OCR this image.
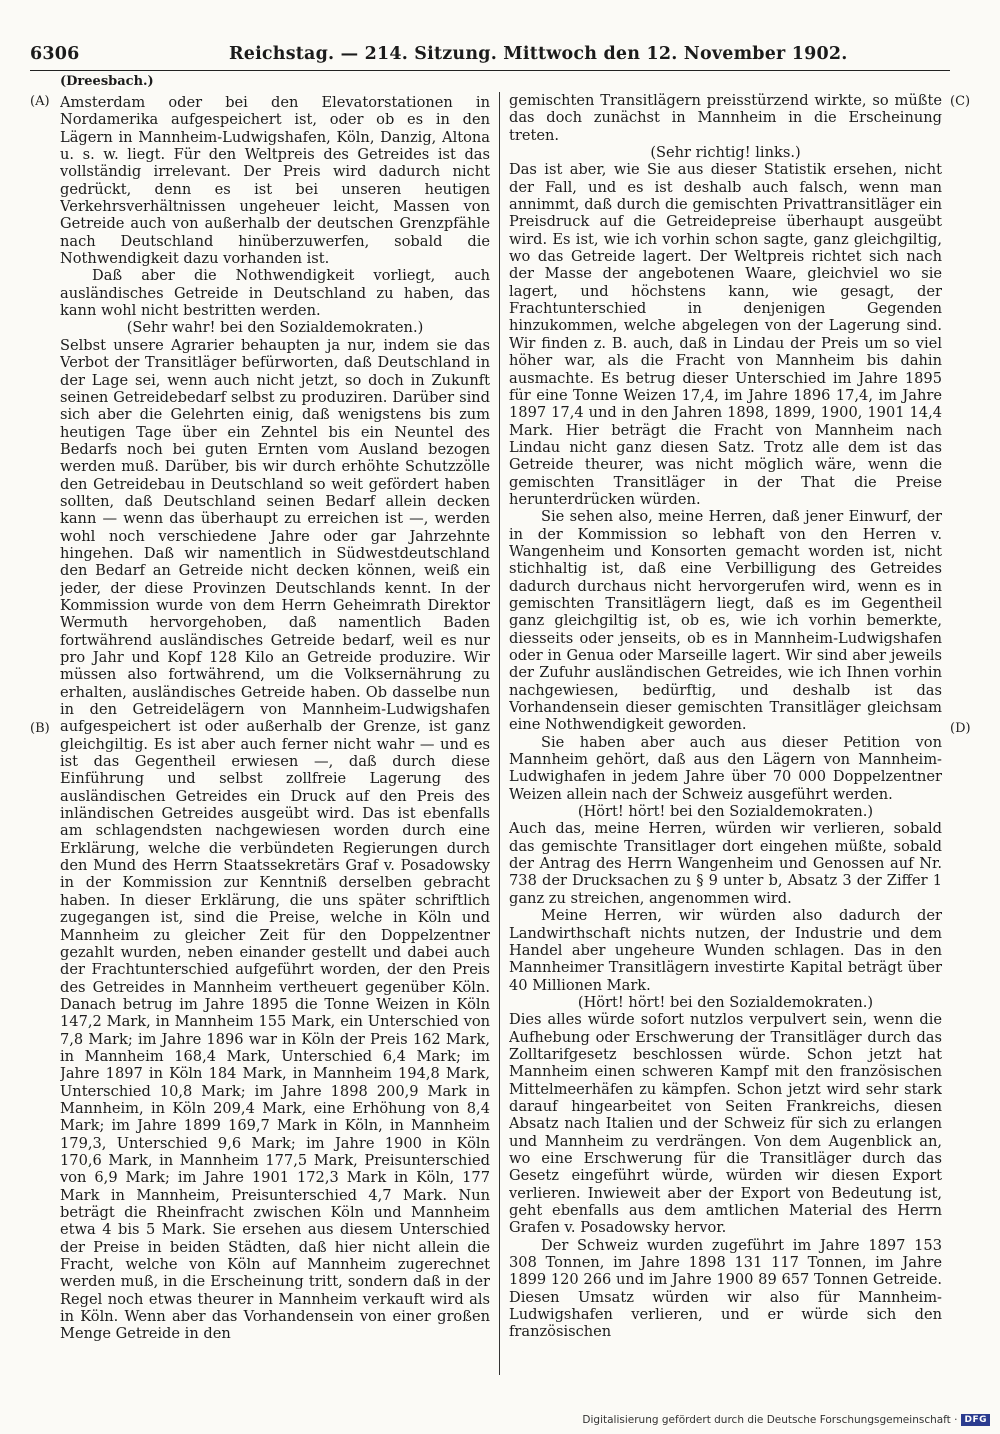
6306	Reichstag. — 214. Sitzung. Mittwoch den 12. November 1902.
(Dreesbach.)
(A)
(B)
(C)
(D)

Amsterdam oder bei den Elevatorstationen in Nordamerika aufgespeichert ist, oder ob es in den Lägern in Mannheim-Ludwigshafen, Köln, Danzig, Altona u. s. w. liegt. Für den Weltpreis des Getreides ist das vollständig irrelevant. Der Preis wird dadurch nicht gedrückt, denn es ist bei unseren heutigen Verkehrsverhältnissen ungeheuer leicht, Massen von Getreide auch von außerhalb der deutschen Grenzpfähle nach Deutschland hinüberzuwerfen, sobald die Nothwendigkeit dazu vorhanden ist.

Daß aber die Nothwendigkeit vorliegt, auch ausländisches Getreide in Deutschland zu haben, das kann wohl nicht bestritten werden.

(Sehr wahr! bei den Sozialdemokraten.)

Selbst unsere Agrarier behaupten ja nur, indem sie das Verbot der Transitläger befürworten, daß Deutschland in der Lage sei, wenn auch nicht jetzt, so doch in Zukunft seinen Getreidebedarf selbst zu produziren. Darüber sind sich aber die Gelehrten einig, daß wenigstens bis zum heutigen Tage über ein Zehntel bis ein Neuntel des Bedarfs noch bei guten Ernten vom Ausland bezogen werden muß. Darüber, bis wir durch erhöhte Schutzzölle den Getreidebau in Deutschland so weit gefördert haben sollten, daß Deutschland seinen Bedarf allein decken kann — wenn das überhaupt zu erreichen ist —, werden wohl noch verschiedene Jahre oder gar Jahrzehnte hingehen. Daß wir namentlich in Südwestdeutschland den Bedarf an Getreide nicht decken können, weiß ein jeder, der diese Provinzen Deutschlands kennt. In der Kommission wurde von dem Herrn Geheimrath Direktor Wermuth hervorgehoben, daß namentlich Baden fortwährend ausländisches Getreide bedarf, weil es nur pro Jahr und Kopf 128 Kilo an Getreide produzire. Wir müssen also fortwährend, um die Volksernährung zu erhalten, ausländisches Getreide haben. Ob dasselbe nun in den Getreidelägern von Mannheim-Ludwigshafen aufgespeichert ist oder außerhalb der Grenze, ist ganz gleichgiltig. Es ist aber auch ferner nicht wahr — und es ist das Gegentheil erwiesen —, daß durch diese Einführung und selbst zollfreie Lagerung des ausländischen Getreides ein Druck auf den Preis des inländischen Getreides ausgeübt wird. Das ist ebenfalls am schlagendsten nachgewiesen worden durch eine Erklärung, welche die verbündeten Regierungen durch den Mund des Herrn Staatssekretärs Graf v. Posadowsky in der Kommission zur Kenntniß derselben gebracht haben. In dieser Erklärung, die uns später schriftlich zugegangen ist, sind die Preise, welche in Köln und Mannheim zu gleicher Zeit für den Doppelzentner gezahlt wurden, neben einander gestellt und dabei auch der Frachtunterschied aufgeführt worden, der den Preis des Getreides in Mannheim vertheuert gegenüber Köln. Danach betrug im Jahre 1895 die Tonne Weizen in Köln 147,2 Mark, in Mannheim 155 Mark, ein Unterschied von 7,8 Mark; im Jahre 1896 war in Köln der Preis 162 Mark, in Mannheim 168,4 Mark, Unterschied 6,4 Mark; im Jahre 1897 in Köln 184 Mark, in Mannheim 194,8 Mark, Unterschied 10,8 Mark; im Jahre 1898 200,9 Mark in Mannheim, in Köln 209,4 Mark, eine Erhöhung von 8,4 Mark; im Jahre 1899 169,7 Mark in Köln, in Mannheim 179,3, Unterschied 9,6 Mark; im Jahre 1900 in Köln 170,6 Mark, in Mannheim 177,5 Mark, Preisunterschied von 6,9 Mark; im Jahre 1901 172,3 Mark in Köln, 177 Mark in Mannheim, Preisunterschied 4,7 Mark. Nun beträgt die Rheinfracht zwischen Köln und Mannheim etwa 4 bis 5 Mark. Sie ersehen aus diesem Unterschied der Preise in beiden Städten, daß hier nicht allein die Fracht, welche von Köln auf Mannheim zugerechnet werden muß, in die Erscheinung tritt, sondern daß in der Regel noch etwas theurer in Mannheim verkauft wird als in Köln. Wenn aber das Vorhandensein von einer großen Menge Getreide in den

gemischten Transitlägern preisstürzend wirkte, so müßte das doch zunächst in Mannheim in die Erscheinung treten.

(Sehr richtig! links.)

Das ist aber, wie Sie aus dieser Statistik ersehen, nicht der Fall, und es ist deshalb auch falsch, wenn man annimmt, daß durch die gemischten Privattransitläger ein Preisdruck auf die Getreidepreise überhaupt ausgeübt wird. Es ist, wie ich vorhin schon sagte, ganz gleichgiltig, wo das Getreide lagert. Der Weltpreis richtet sich nach der Masse der angebotenen Waare, gleichviel wo sie lagert, und höchstens kann, wie gesagt, der Frachtunterschied in denjenigen Gegenden hinzukommen, welche abgelegen von der Lagerung sind. Wir finden z. B. auch, daß in Lindau der Preis um so viel höher war, als die Fracht von Mannheim bis dahin ausmachte. Es betrug dieser Unterschied im Jahre 1895 für eine Tonne Weizen 17,4, im Jahre 1896 17,4, im Jahre 1897 17,4 und in den Jahren 1898, 1899, 1900, 1901 14,4 Mark. Hier beträgt die Fracht von Mannheim nach Lindau nicht ganz diesen Satz. Trotz alle dem ist das Getreide theurer, was nicht möglich wäre, wenn die gemischten Transitläger in der That die Preise herunterdrücken würden.

Sie sehen also, meine Herren, daß jener Einwurf, der in der Kommission so lebhaft von den Herren v. Wangenheim und Konsorten gemacht worden ist, nicht stichhaltig ist, daß eine Verbilligung des Getreides dadurch durchaus nicht hervorgerufen wird, wenn es in gemischten Transitlägern liegt, daß es im Gegentheil ganz gleichgiltig ist, ob es, wie ich vorhin bemerkte, diesseits oder jenseits, ob es in Mannheim-Ludwigshafen oder in Genua oder Marseille lagert. Wir sind aber jeweils der Zufuhr ausländischen Getreides, wie ich Ihnen vorhin nachgewiesen, bedürftig, und deshalb ist das Vorhandensein dieser gemischten Transitläger gleichsam eine Nothwendigkeit geworden.

Sie haben aber auch aus dieser Petition von Mannheim gehört, daß aus den Lägern von Mannheim-Ludwighafen in jedem Jahre über 70 000 Doppelzentner Weizen allein nach der Schweiz ausgeführt werden.

(Hört! hört! bei den Sozialdemokraten.)

Auch das, meine Herren, würden wir verlieren, sobald das gemischte Transitlager dort eingehen müßte, sobald der Antrag des Herrn Wangenheim und Genossen auf Nr. 738 der Drucksachen zu § 9 unter b, Absatz 3 der Ziffer 1 ganz zu streichen, angenommen wird.

Meine Herren, wir würden also dadurch der Landwirthschaft nichts nutzen, der Industrie und dem Handel aber ungeheure Wunden schlagen. Das in den Mannheimer Transitlägern investirte Kapital beträgt über 40 Millionen Mark.

(Hört! hört! bei den Sozialdemokraten.)

Dies alles würde sofort nutzlos verpulvert sein, wenn die Aufhebung oder Erschwerung der Transitläger durch das Zolltarifgesetz beschlossen würde. Schon jetzt hat Mannheim einen schweren Kampf mit den französischen Mittelmeerhäfen zu kämpfen. Schon jetzt wird sehr stark darauf hingearbeitet von Seiten Frankreichs, diesen Absatz nach Italien und der Schweiz für sich zu erlangen und Mannheim zu verdrängen. Von dem Augenblick an, wo eine Erschwerung für die Transitläger durch das Gesetz eingeführt würde, würden wir diesen Export verlieren. Inwieweit aber der Export von Bedeutung ist, geht ebenfalls aus dem amtlichen Material des Herrn Grafen v. Posadowsky hervor.

Der Schweiz wurden zugeführt im Jahre 1897 153 308 Tonnen, im Jahre 1898 131 117 Tonnen, im Jahre 1899 120 266 und im Jahre 1900 89 657 Tonnen Getreide. Diesen Umsatz würden wir also für Mannheim-Ludwigshafen verlieren, und er würde sich den französischen

Digitalisierung gefördert durch die Deutsche Forschungsgemeinschaft · DFG
